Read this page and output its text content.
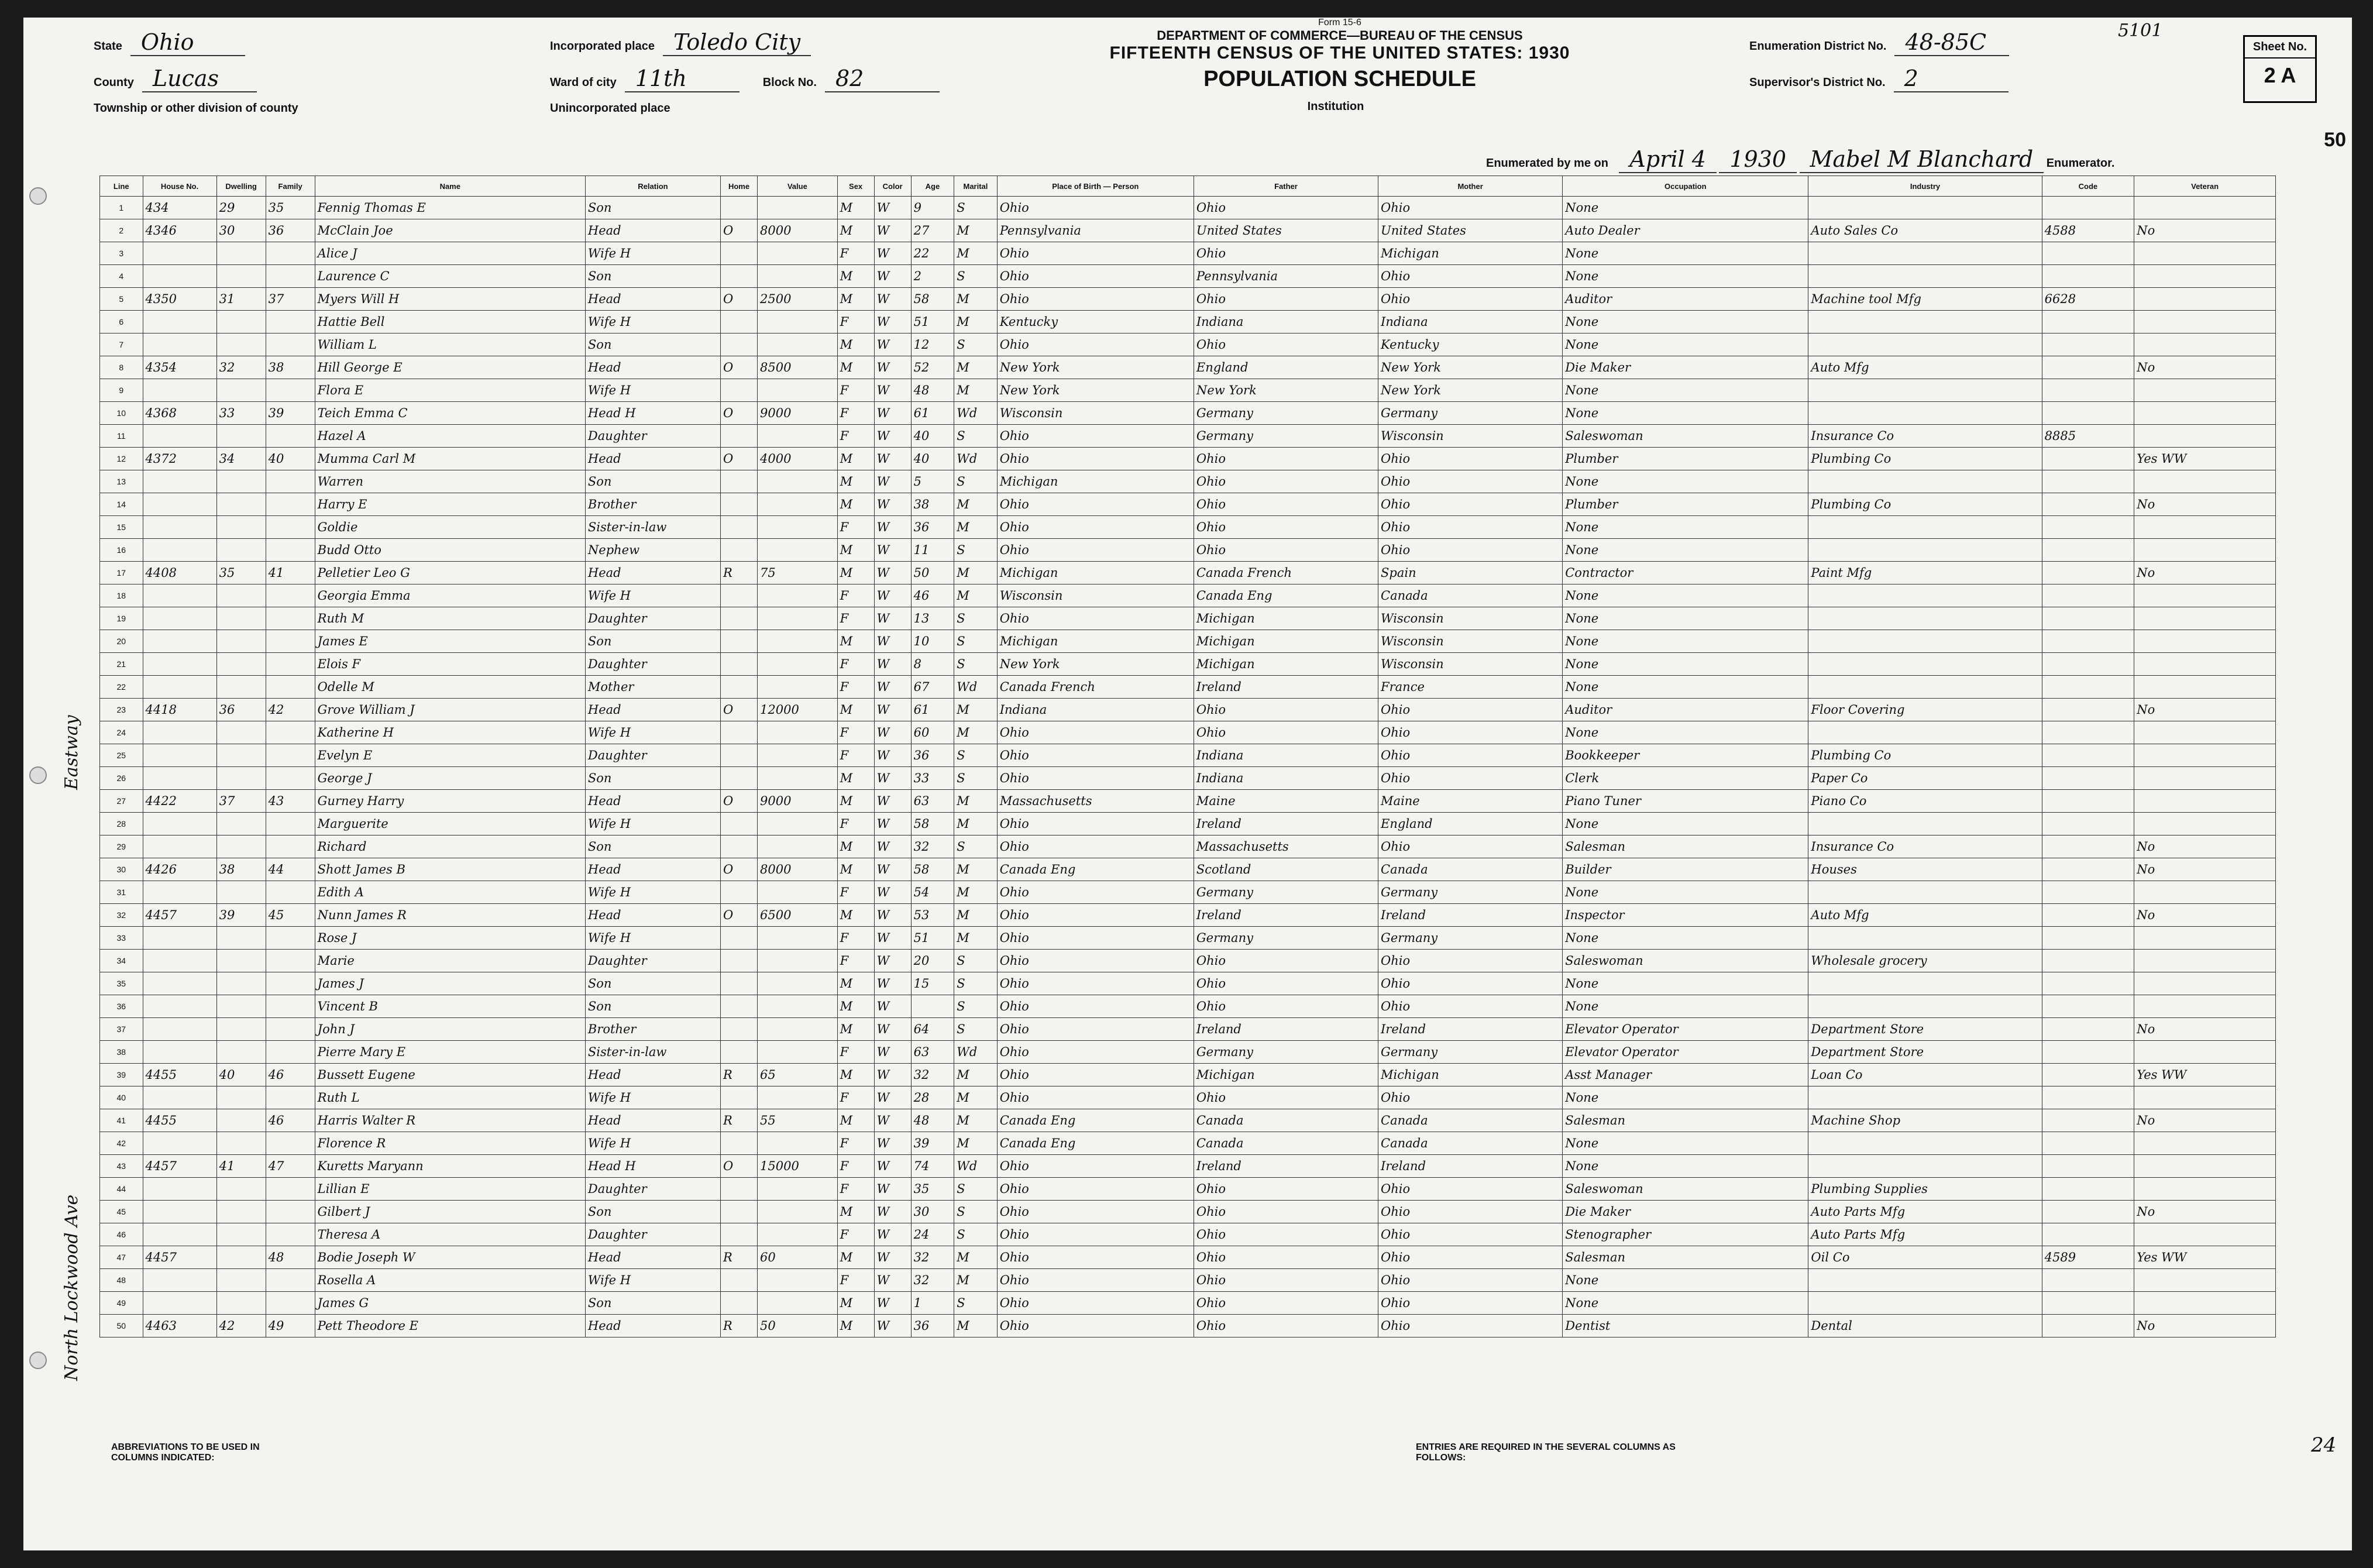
5101
State Ohio
County Lucas
Township or other division of county
Incorporated place Toledo City
Ward of city 11th	Block No. 82
Unincorporated place
Form 15-6
DEPARTMENT OF COMMERCE—BUREAU OF THE CENSUS
FIFTEENTH CENSUS OF THE UNITED STATES: 1930
POPULATION SCHEDULE
Institution
Enumeration District No. 48-85C
Supervisor's District No. 2
Sheet No.
2 A
Enumerated by me on April 4 1930 Mabel M Blanchard Enumerator.
50
Eastway
North Lockwood Ave
Line	House No.	Dwelling	Family	Name	Relation	Home	Value	Sex	Color	Age	Marital	Place of Birth — Person	Father	Mother	Occupation	Industry	Code	Veteran
1	434	29	35	Fennig Thomas E	Son			M	W	9	S	Ohio	Ohio	Ohio	None			
2	4346	30	36	McClain Joe	Head	O	8000	M	W	27	M	Pennsylvania	United States	United States	Auto Dealer	Auto Sales Co	4588	No
3				Alice J	Wife H			F	W	22	M	Ohio	Ohio	Michigan	None			
4				Laurence C	Son			M	W	2	S	Ohio	Pennsylvania	Ohio	None			
5	4350	31	37	Myers Will H	Head	O	2500	M	W	58	M	Ohio	Ohio	Ohio	Auditor	Machine tool Mfg	6628	
6				Hattie Bell	Wife H			F	W	51	M	Kentucky	Indiana	Indiana	None			
7				William L	Son			M	W	12	S	Ohio	Ohio	Kentucky	None			
8	4354	32	38	Hill George E	Head	O	8500	M	W	52	M	New York	England	New York	Die Maker	Auto Mfg		No
9				Flora E	Wife H			F	W	48	M	New York	New York	New York	None			
10	4368	33	39	Teich Emma C	Head H	O	9000	F	W	61	Wd	Wisconsin	Germany	Germany	None			
11				Hazel A	Daughter			F	W	40	S	Ohio	Germany	Wisconsin	Saleswoman	Insurance Co	8885	
12	4372	34	40	Mumma Carl M	Head	O	4000	M	W	40	Wd	Ohio	Ohio	Ohio	Plumber	Plumbing Co		Yes WW
13				Warren	Son			M	W	5	S	Michigan	Ohio	Ohio	None			
14				Harry E	Brother			M	W	38	M	Ohio	Ohio	Ohio	Plumber	Plumbing Co		No
15				Goldie	Sister-in-law			F	W	36	M	Ohio	Ohio	Ohio	None			
16				Budd Otto	Nephew			M	W	11	S	Ohio	Ohio	Ohio	None			
17	4408	35	41	Pelletier Leo G	Head	R	75	M	W	50	M	Michigan	Canada French	Spain	Contractor	Paint Mfg		No
18				Georgia Emma	Wife H			F	W	46	M	Wisconsin	Canada Eng	Canada	None			
19				Ruth M	Daughter			F	W	13	S	Ohio	Michigan	Wisconsin	None			
20				James E	Son			M	W	10	S	Michigan	Michigan	Wisconsin	None			
21				Elois F	Daughter			F	W	8	S	New York	Michigan	Wisconsin	None			
22				Odelle M	Mother			F	W	67	Wd	Canada French	Ireland	France	None			
23	4418	36	42	Grove William J	Head	O	12000	M	W	61	M	Indiana	Ohio	Ohio	Auditor	Floor Covering		No
24				Katherine H	Wife H			F	W	60	M	Ohio	Ohio	Ohio	None			
25				Evelyn E	Daughter			F	W	36	S	Ohio	Indiana	Ohio	Bookkeeper	Plumbing Co		
26				George J	Son			M	W	33	S	Ohio	Indiana	Ohio	Clerk	Paper Co		
27	4422	37	43	Gurney Harry	Head	O	9000	M	W	63	M	Massachusetts	Maine	Maine	Piano Tuner	Piano Co		
28				Marguerite	Wife H			F	W	58	M	Ohio	Ireland	England	None			
29				Richard	Son			M	W	32	S	Ohio	Massachusetts	Ohio	Salesman	Insurance Co		No
30	4426	38	44	Shott James B	Head	O	8000	M	W	58	M	Canada Eng	Scotland	Canada	Builder	Houses		No
31				Edith A	Wife H			F	W	54	M	Ohio	Germany	Germany	None			
32	4457	39	45	Nunn James R	Head	O	6500	M	W	53	M	Ohio	Ireland	Ireland	Inspector	Auto Mfg		No
33				Rose J	Wife H			F	W	51	M	Ohio	Germany	Germany	None			
34				Marie	Daughter			F	W	20	S	Ohio	Ohio	Ohio	Saleswoman	Wholesale grocery		
35				James J	Son			M	W	15	S	Ohio	Ohio	Ohio	None			
36				Vincent B	Son			M	W		S	Ohio	Ohio	Ohio	None			
37				John J	Brother			M	W	64	S	Ohio	Ireland	Ireland	Elevator Operator	Department Store		No
38				Pierre Mary E	Sister-in-law			F	W	63	Wd	Ohio	Germany	Germany	Elevator Operator	Department Store		
39	4455	40	46	Bussett Eugene	Head	R	65	M	W	32	M	Ohio	Michigan	Michigan	Asst Manager	Loan Co		Yes WW
40				Ruth L	Wife H			F	W	28	M	Ohio	Ohio	Ohio	None			
41	4455		46	Harris Walter R	Head	R	55	M	W	48	M	Canada Eng	Canada	Canada	Salesman	Machine Shop		No
42				Florence R	Wife H			F	W	39	M	Canada Eng	Canada	Canada	None			
43	4457	41	47	Kuretts Maryann	Head H	O	15000	F	W	74	Wd	Ohio	Ireland	Ireland	None			
44				Lillian E	Daughter			F	W	35	S	Ohio	Ohio	Ohio	Saleswoman	Plumbing Supplies		
45				Gilbert J	Son			M	W	30	S	Ohio	Ohio	Ohio	Die Maker	Auto Parts Mfg		No
46				Theresa A	Daughter			F	W	24	S	Ohio	Ohio	Ohio	Stenographer	Auto Parts Mfg		
47	4457		48	Bodie Joseph W	Head	R	60	M	W	32	M	Ohio	Ohio	Ohio	Salesman	Oil Co	4589	Yes WW
48				Rosella A	Wife H			F	W	32	M	Ohio	Ohio	Ohio	None			
49				James G	Son			M	W	1	S	Ohio	Ohio	Ohio	None			
50	4463	42	49	Pett Theodore E	Head	R	50	M	W	36	M	Ohio	Ohio	Ohio	Dentist	Dental		No
ABBREVIATIONS TO BE USED IN COLUMNS INDICATED:
ENTRIES ARE REQUIRED IN THE SEVERAL COLUMNS AS FOLLOWS:
24
